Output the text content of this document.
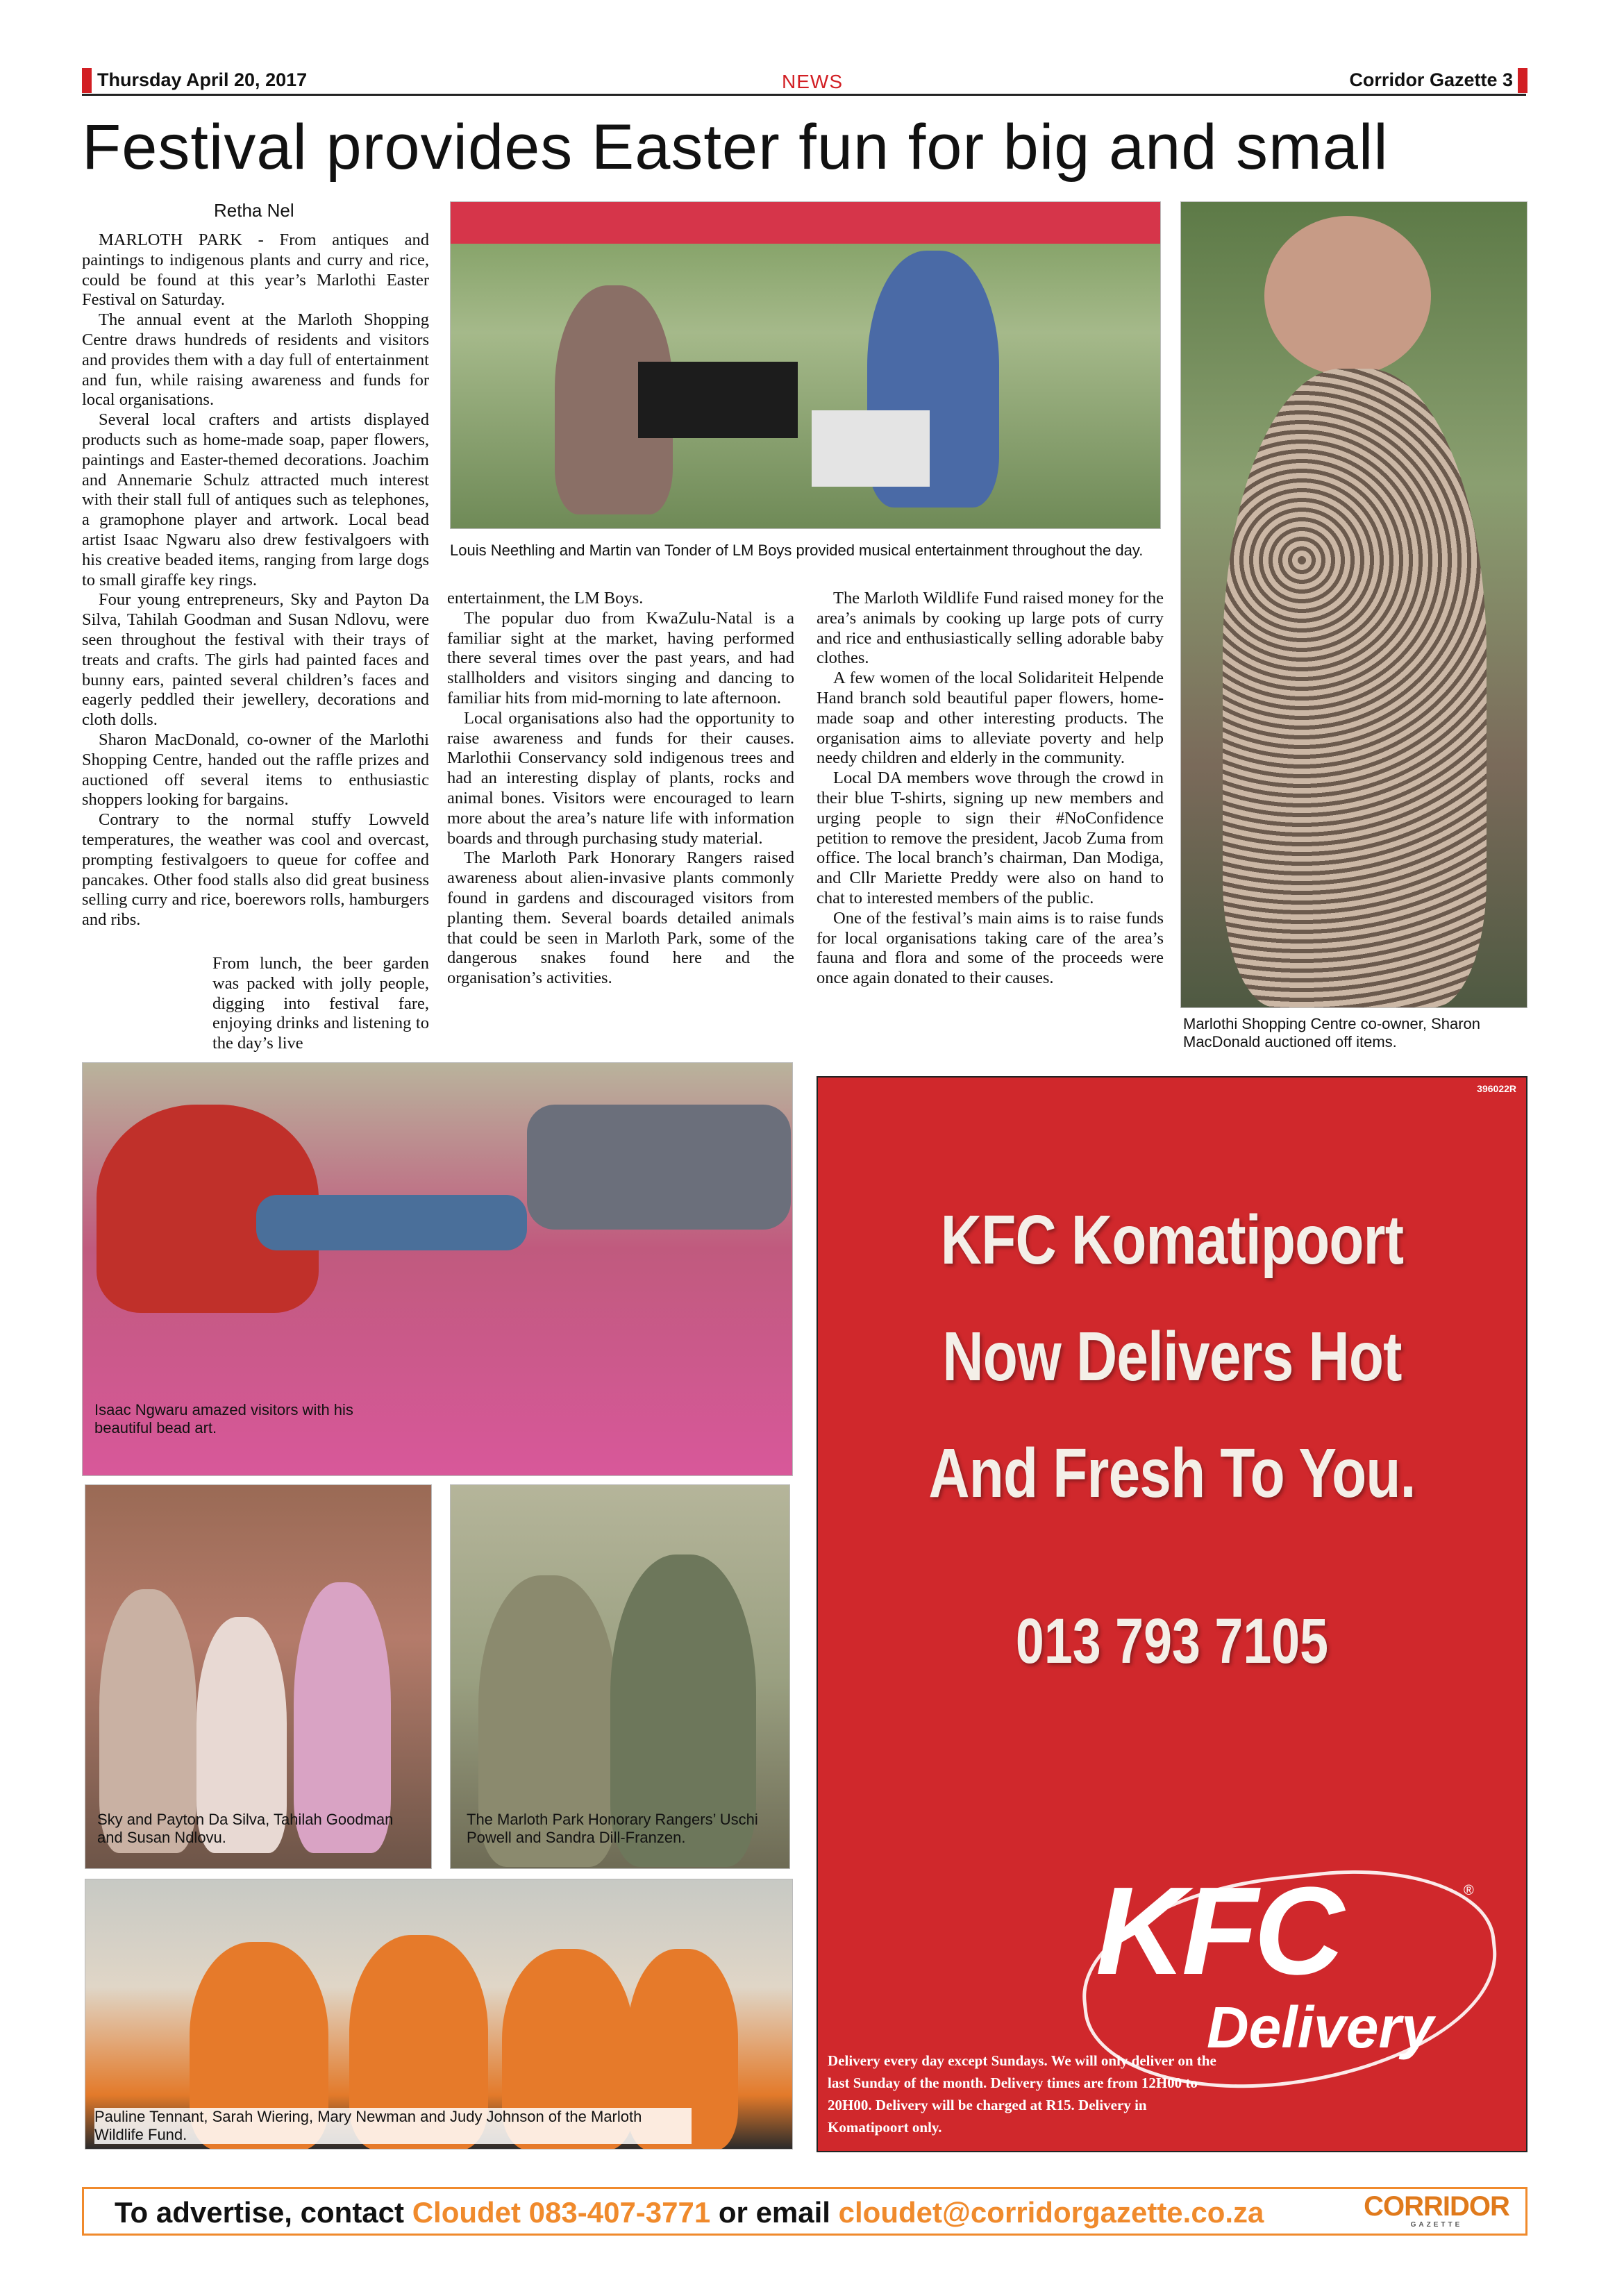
Thursday April 20, 2017	NEWS	Corridor Gazette 3
Festival provides Easter fun for big and small
Retha Nel

MARLOTH PARK - From antiques and paintings to indigenous plants and curry and rice, could be found at this year’s Marlothi Easter Festival on Saturday.

The annual event at the Marloth Shopping Centre draws hundreds of residents and visitors and provides them with a day full of entertainment and fun, while raising awareness and funds for local organisations.

Several local crafters and artists displayed products such as home-made soap, paper flowers, paintings and Easter-themed decorations. Joachim and Annemarie Schulz attracted much interest with their stall full of antiques such as telephones, a gramophone player and artwork. Local bead artist Isaac Ngwaru also drew festivalgoers with his creative beaded items, ranging from large dogs to small giraffe key rings.

Four young entrepreneurs, Sky and Payton Da Silva, Tahilah Goodman and Susan Ndlovu, were seen throughout the festival with their trays of treats and crafts. The girls had painted faces and bunny ears, painted several children’s faces and eagerly peddled their jewellery, decorations and cloth dolls.

Sharon MacDonald, co-owner of the Marlothi Shopping Centre, handed out the raffle prizes and auctioned off several items to enthusiastic shoppers looking for bargains.

Contrary to the normal stuffy Lowveld temperatures, the weather was cool and overcast, prompting festivalgoers to queue for coffee and pancakes. Other food stalls also did great business selling curry and rice, boerewors rolls, hamburgers and ribs.

From lunch, the beer garden was packed with jolly people, digging into festival fare, enjoying drinks and listening to the day’s live

entertainment, the LM Boys.

The popular duo from KwaZulu-Natal is a familiar sight at the market, having performed there several times over the past years, and had stallholders and visitors singing and dancing to familiar hits from mid-morning to late afternoon.

Local organisations also had the opportunity to raise awareness and funds for their causes. Marlothii Conservancy sold indigenous trees and had an interesting display of plants, rocks and animal bones. Visitors were encouraged to learn more about the area’s nature life with information boards and through purchasing study material.

The Marloth Park Honorary Rangers raised awareness about alien-invasive plants commonly found in gardens and discouraged visitors from planting them. Several boards detailed animals that could be seen in Marloth Park, some of the dangerous snakes found here and the organisation’s activities.

The Marloth Wildlife Fund raised money for the area’s animals by cooking up large pots of curry and rice and enthusiastically selling adorable baby clothes.

A few women of the local Solidariteit Helpende Hand branch sold beautiful paper flowers, home-made soap and other interesting products. The organisation aims to alleviate poverty and help needy children and elderly in the community.

Local DA members wove through the crowd in their blue T-shirts, signing up new members and urging people to sign their #NoConfidence petition to remove the president, Jacob Zuma from office. The local branch’s chairman, Dan Modiga, and Cllr Mariette Preddy were also on hand to chat to interested members of the public.

One of the festival’s main aims is to raise funds for local organisations taking care of the area’s fauna and flora and some of the proceeds were once again donated to their causes.

Louis Neethling and Martin van Tonder of LM Boys provided musical entertainment throughout the day.
Marlothi Shopping Centre co-owner, Sharon MacDonald auctioned off items.
Isaac Ngwaru amazed visitors with his beautiful bead art.
Sky and Payton Da Silva, Tahilah Goodman and Susan Ndlovu.
The Marloth Park Honorary Rangers’ Uschi Powell and Sandra Dill-Franzen.
Pauline Tennant, Sarah Wiering, Mary Newman and Judy Johnson of the Marloth Wildlife Fund.
396022R
KFC Komatipoort
Now Delivers Hot
And Fresh To You.
013 793 7105
KFC	®
Delivery
Delivery every day except Sundays. We will only deliver on the last Sunday of the month. Delivery times are from 12H00 to 20H00. Delivery will be charged at R15. Delivery in Komatipoort only.
To advertise, contact Cloudet 083-407-3771 or email cloudet@corridorgazette.co.za	CORRIDOR
GAZETTE
